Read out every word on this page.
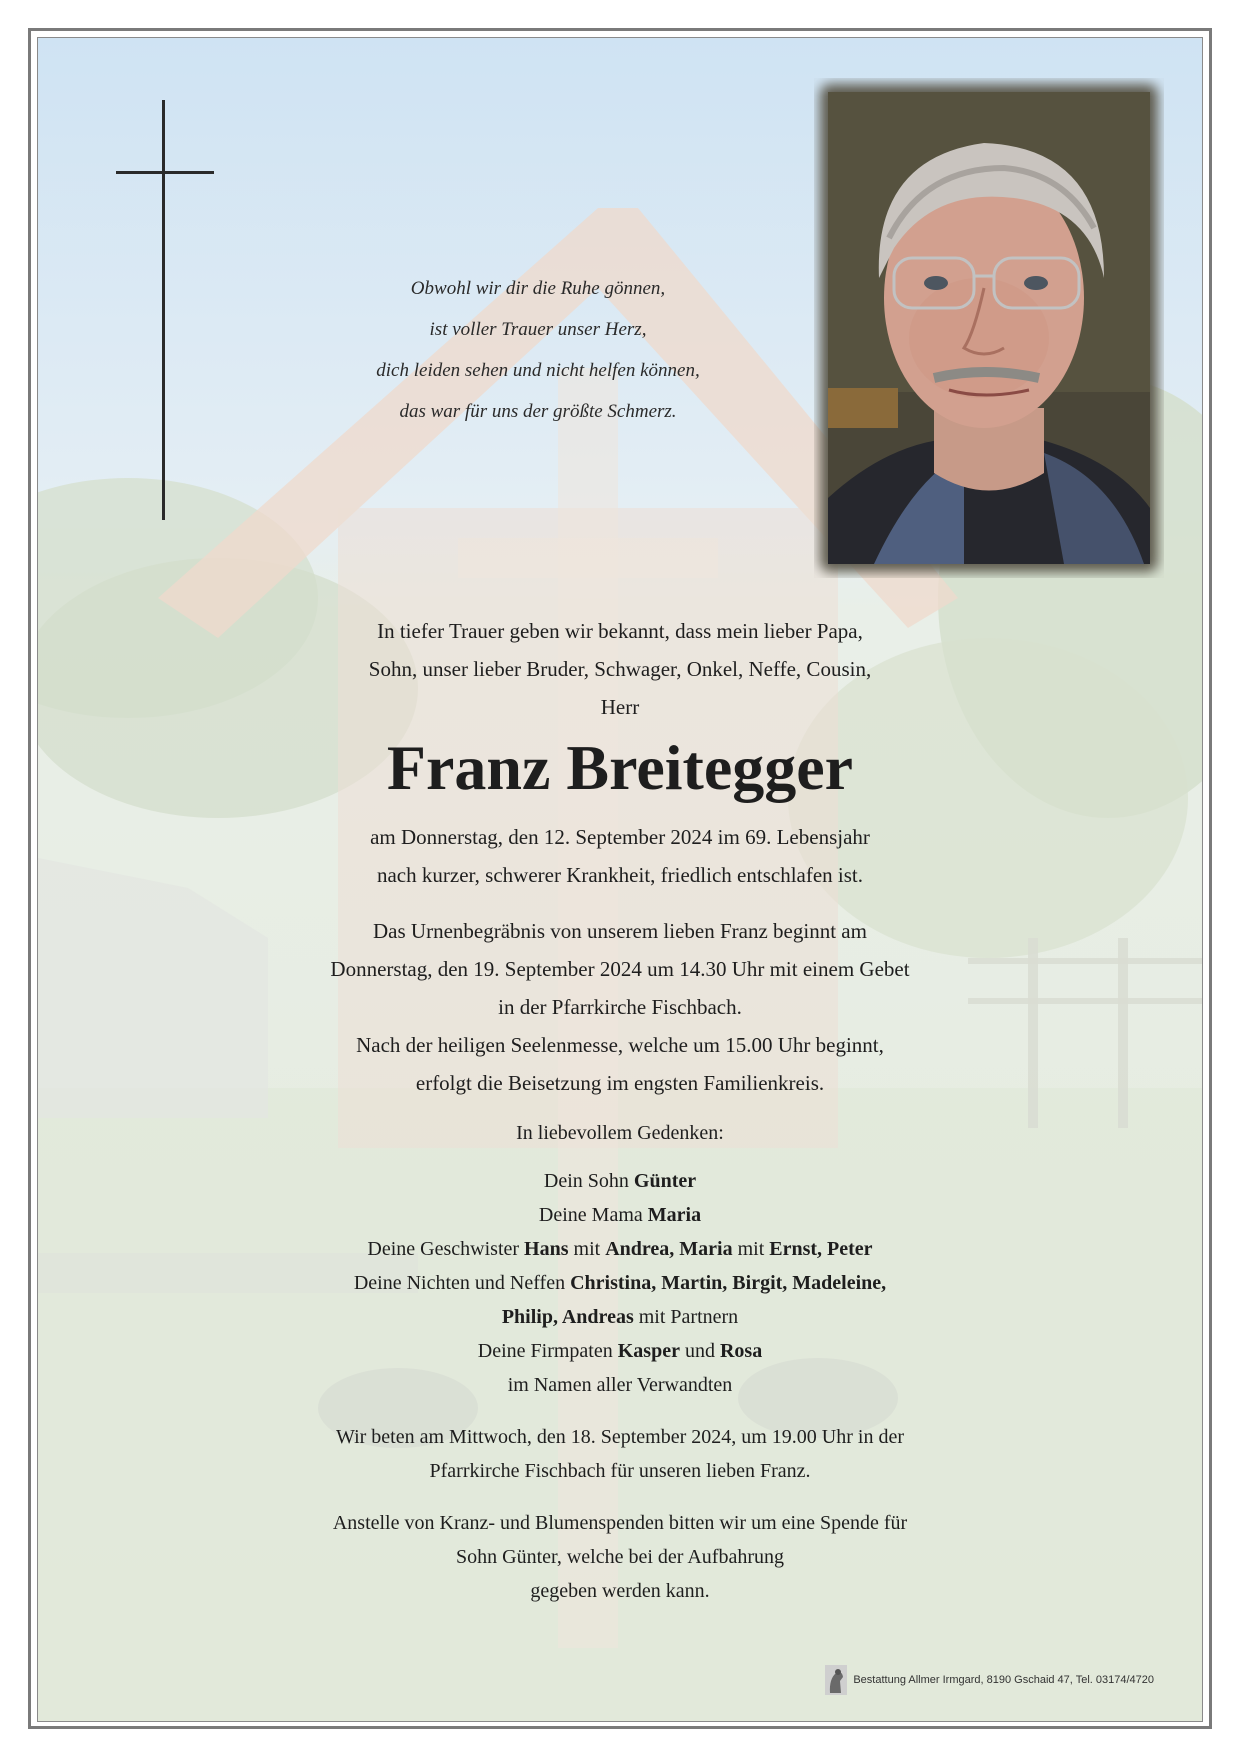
Obwohl wir dir die Ruhe gönnen,
ist voller Trauer unser Herz,
dich leiden sehen und nicht helfen können,
das war für uns der größte Schmerz.
In tiefer Trauer geben wir bekannt, dass mein lieber Papa,
Sohn, unser lieber Bruder, Schwager, Onkel, Neffe, Cousin,
Herr
Franz Breitegger
am Donnerstag, den 12. September 2024 im 69. Lebensjahr
nach kurzer, schwerer Krankheit, friedlich entschlafen ist.
Das Urnenbegräbnis von unserem lieben Franz beginnt am
Donnerstag, den 19. September 2024 um 14.30 Uhr mit einem Gebet
in der Pfarrkirche Fischbach.
Nach der heiligen Seelenmesse, welche um 15.00 Uhr beginnt,
erfolgt die Beisetzung im engsten Familienkreis.
In liebevollem Gedenken:
Dein Sohn Günter
Deine Mama Maria
Deine Geschwister Hans mit Andrea, Maria mit Ernst, Peter
Deine Nichten und Neffen Christina, Martin, Birgit, Madeleine,
Philip, Andreas mit Partnern
Deine Firmpaten Kasper und Rosa
im Namen aller Verwandten
Wir beten am Mittwoch, den 18. September 2024, um 19.00 Uhr in der
Pfarrkirche Fischbach für unseren lieben Franz.
Anstelle von Kranz- und Blumenspenden bitten wir um eine Spende für
Sohn Günter, welche bei der Aufbahrung
gegeben werden kann.
Bestattung Allmer Irmgard, 8190 Gschaid 47, Tel. 03174/4720
